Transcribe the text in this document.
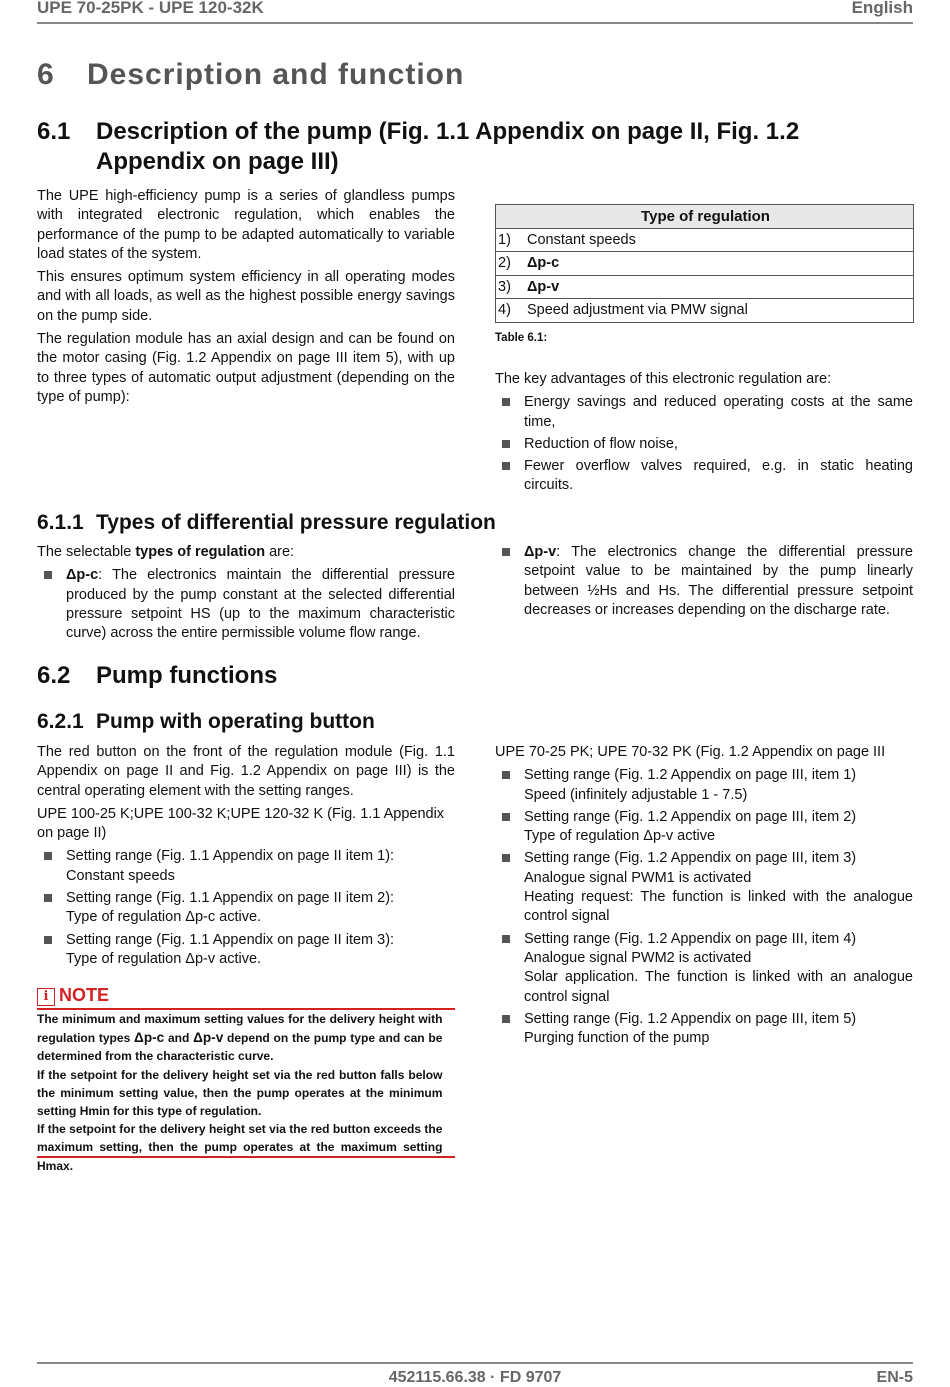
UPE 70-25PK - UPE 120-32K	English
6 Description and function
6.1 Description of the pump (Fig. 1.1 Appendix on page II, Fig. 1.2
Appendix on page III)

The UPE high-efficiency pump is a series of glandless pumps with integrated electronic regulation, which enables the performance of the pump to be adapted automatically to variable load states of the system.

This ensures optimum system efficiency in all operating modes and with all loads, as well as the highest possible energy savings on the pump side.

The regulation module has an axial design and can be found on the motor casing (Fig. 1.2 Appendix on page III item 5), with up to three types of automatic output adjustment (depending on the type of pump):

Type of regulation
1) Constant speeds
2) Δp-c
3) Δp-v
4) Speed adjustment via PMW signal
Table 6.1:

The key advantages of this electronic regulation are:

Energy savings and reduced operating costs at the same time,
Reduction of flow noise,
Fewer overflow valves required, e.g. in static heating circuits.
6.1.1 Types of differential pressure regulation

The selectable types of regulation are:

Δp-c: The electronics maintain the differential pressure produced by the pump constant at the selected differential pressure setpoint HS (up to the maximum characteristic curve) across the entire permissible volume flow range.
Δp-v: The electronics change the differential pressure setpoint value to be maintained by the pump linearly between ½Hs and Hs. The differential pressure setpoint decreases or increases depending on the discharge rate.
6.2 Pump functions
6.2.1 Pump with operating button

The red button on the front of the regulation module (Fig. 1.1 Appendix on page II and Fig. 1.2 Appendix on page III) is the central operating element with the setting ranges.

UPE 100-25 K;UPE 100-32 K;UPE 120-32 K (Fig. 1.1 Appendix on page II)

Setting range (Fig. 1.1 Appendix on page II item 1):
Constant speeds
Setting range (Fig. 1.1 Appendix on page II item 2):
Type of regulation Δp-c active.
Setting range (Fig. 1.1 Appendix on page II item 3):
Type of regulation Δp-v active.

UPE 70-25 PK; UPE 70-32 PK (Fig. 1.2 Appendix on page III

Setting range (Fig. 1.2 Appendix on page III, item 1)
Speed (infinitely adjustable 1 - 7.5)
Setting range (Fig. 1.2 Appendix on page III, item 2)
Type of regulation Δp-v active
Setting range (Fig. 1.2 Appendix on page III, item 3)
Analogue signal PWM1 is activated
Heating request: The function is linked with the analogue control signal
Setting range (Fig. 1.2 Appendix on page III, item 4)
Analogue signal PWM2 is activated
Solar application. The function is linked with an analogue control signal
Setting range (Fig. 1.2 Appendix on page III, item 5)
Purging function of the pump
i NOTE

The minimum and maximum setting values for the delivery height with regulation types Δp-c and Δp-v depend on the pump type and can be determined from the characteristic curve.

If the setpoint for the delivery height set via the red button falls below the minimum setting value, then the pump operates at the minimum setting Hmin for this type of regulation.

If the setpoint for the delivery height set via the red button exceeds the maximum setting, then the pump operates at the maximum setting Hmax.

452115.66.38 · FD 9707	EN-5
